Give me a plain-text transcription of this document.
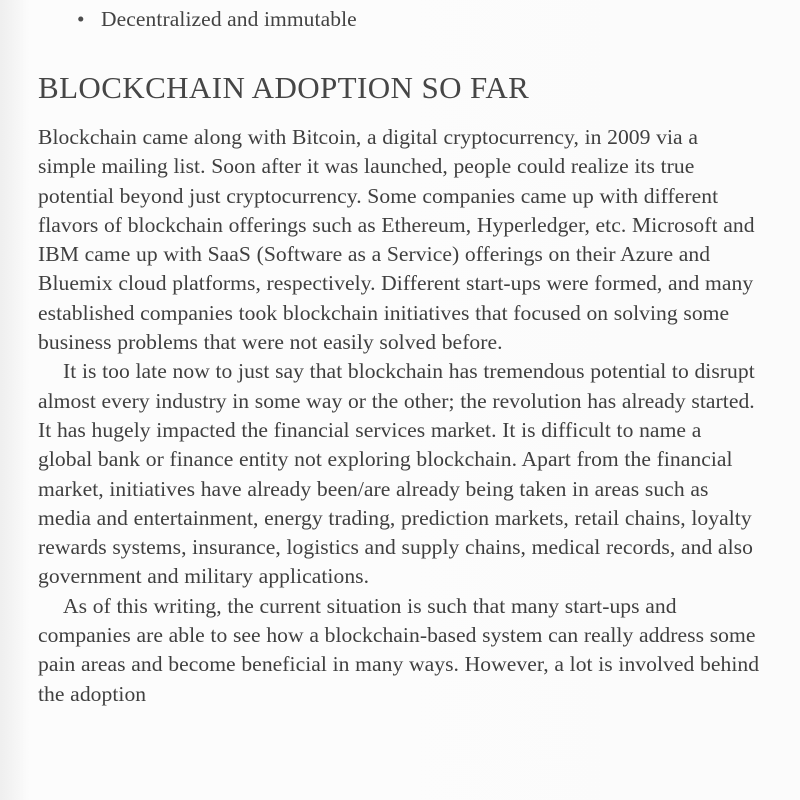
• Decentralized and immutable
BLOCKCHAIN ADOPTION SO FAR

Blockchain came along with Bitcoin, a digital cryptocurrency, in 2009 via a simple mailing list. Soon after it was launched, people could realize its true potential beyond just cryptocurrency. Some companies came up with different flavors of blockchain offerings such as Ethereum, Hyperledger, etc. Microsoft and IBM came up with SaaS (Software as a Service) offerings on their Azure and Bluemix cloud platforms, respectively. Different start-ups were formed, and many established companies took blockchain initiatives that focused on solving some business problems that were not easily solved before.

It is too late now to just say that blockchain has tremendous potential to disrupt almost every industry in some way or the other; the revolution has already started. It has hugely impacted the financial services market. It is difficult to name a global bank or finance entity not exploring blockchain. Apart from the financial market, initiatives have already been/are already being taken in areas such as media and entertainment, energy trading, prediction markets, retail chains, loyalty rewards systems, insurance, logistics and supply chains, medical records, and also government and military applications.

As of this writing, the current situation is such that many start-ups and companies are able to see how a blockchain-based system can really address some pain areas and become beneficial in many ways. However, a lot is involved behind the adoption
